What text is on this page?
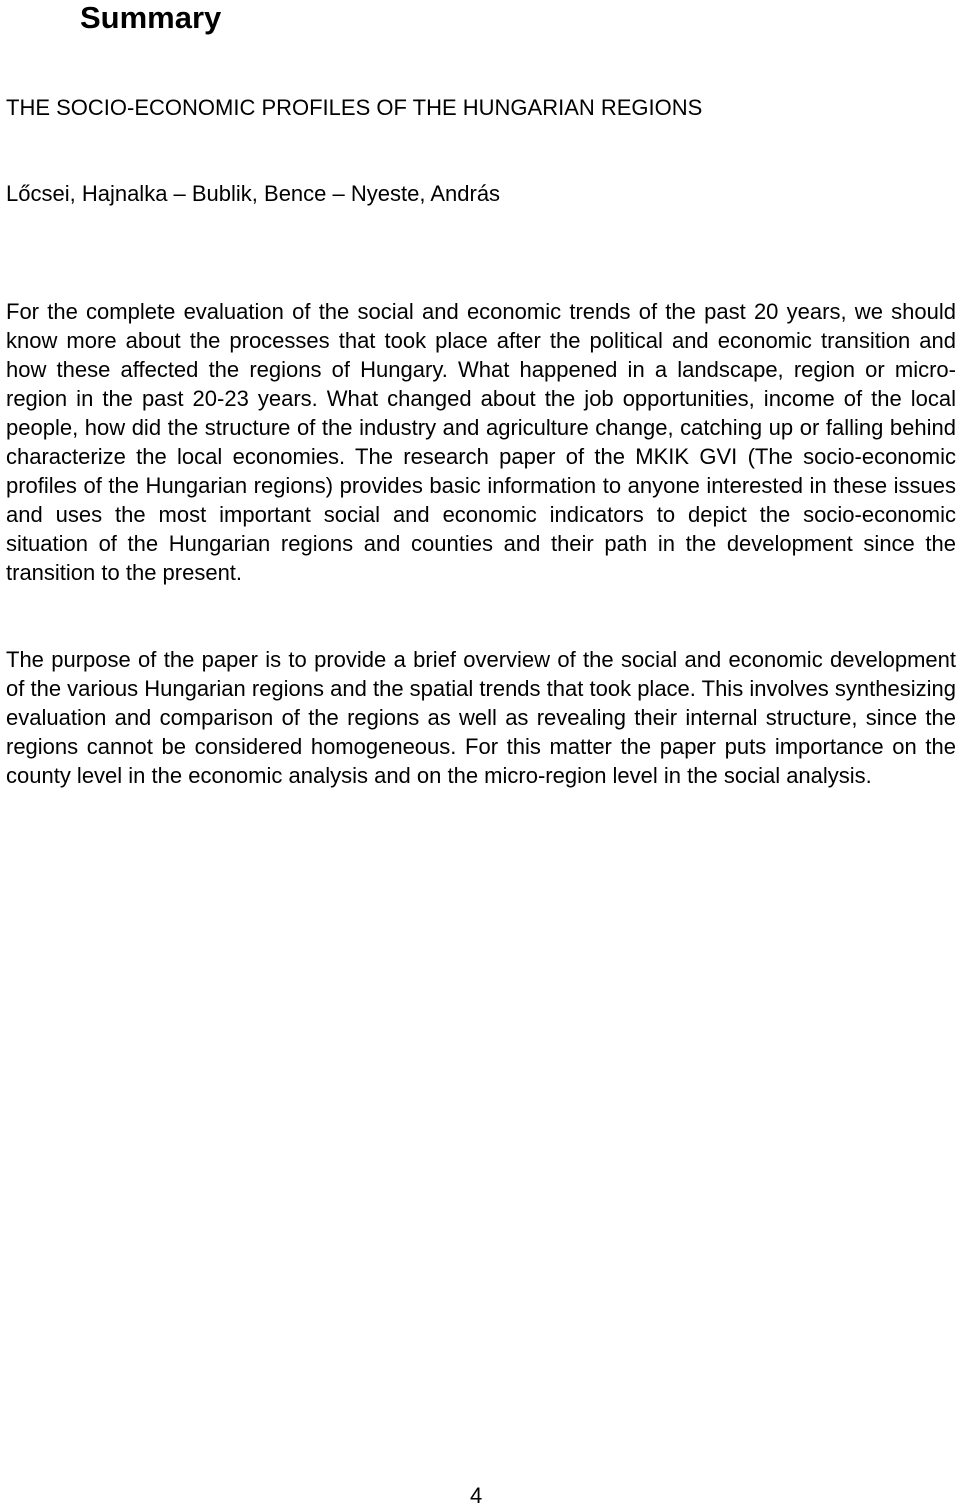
Summary

THE SOCIO-ECONOMIC PROFILES OF THE HUNGARIAN REGIONS

Lőcsei, Hajnalka – Bublik, Bence – Nyeste, András

For the complete evaluation of the social and economic trends of the past 20 years, we should know more about the processes that took place after the political and economic transition and how these affected the regions of Hungary. What happened in a landscape, region or micro-region in the past 20-23 years. What changed about the job opportunities, income of the local people, how did the structure of the industry and agriculture change, catching up or falling behind characterize the local economies. The research paper of the MKIK GVI (The socio-economic profiles of the Hungarian regions) provides basic information to anyone interested in these issues and uses the most important social and economic indicators to depict the socio-economic situation of the Hungarian regions and counties and their path in the development since the transition to the present.

The purpose of the paper is to provide a brief overview of the social and economic development of the various Hungarian regions and the spatial trends that took place. This involves synthesizing evaluation and comparison of the regions as well as revealing their internal structure, since the regions cannot be considered homogeneous. For this matter the paper puts importance on the county level in the economic analysis and on the micro-region level in the social analysis.

4
